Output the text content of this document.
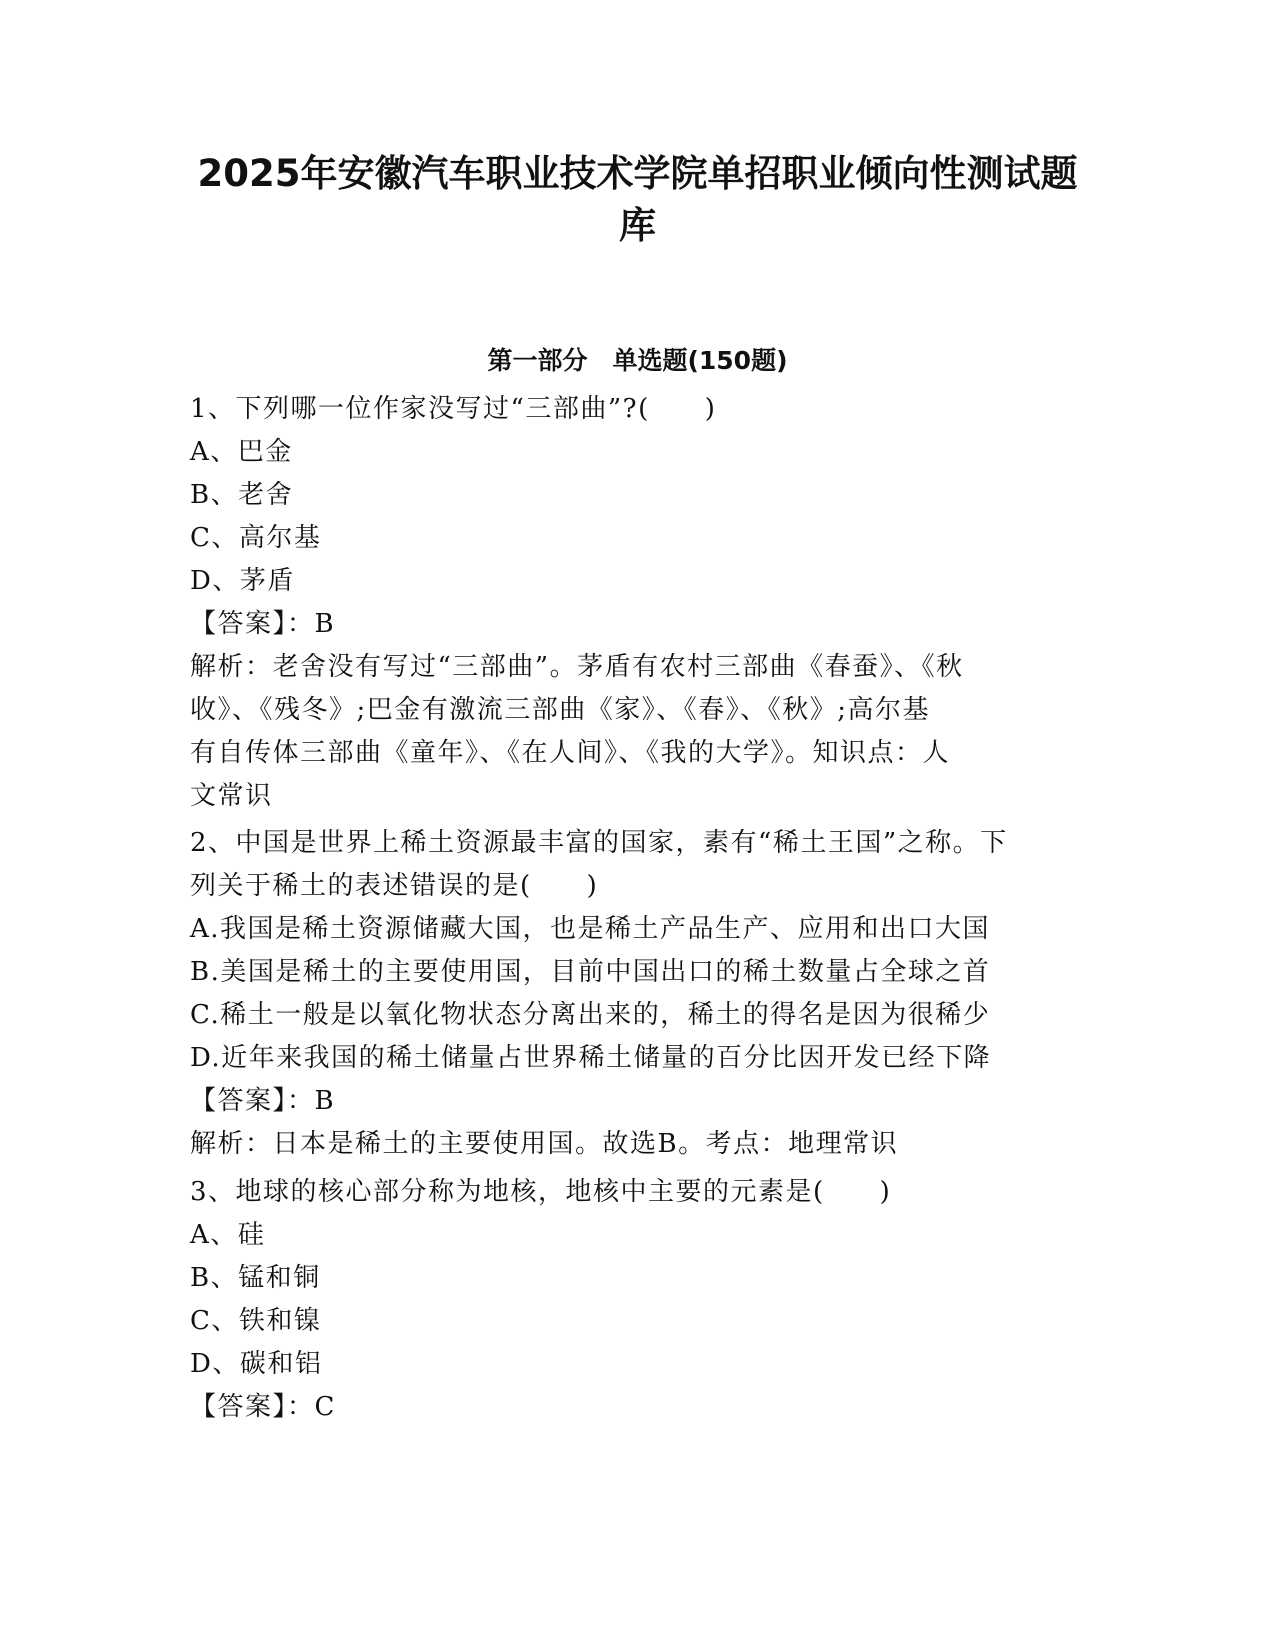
2025年安徽汽车职业技术学院单招职业倾向性测试题
库
第一部分　单选题(150题)
1、下列哪一位作家没写过“三部曲”?(　　)
A、巴金
B、老舍
C、高尔基
D、茅盾
【答案】：B
解析：老舍没有写过“三部曲”。茅盾有农村三部曲《春蚕》、《秋
收》、《残冬》;巴金有激流三部曲《家》、《春》、《秋》;高尔基
有自传体三部曲《童年》、《在人间》、《我的大学》。知识点：人
文常识
2、中国是世界上稀土资源最丰富的国家，素有“稀土王国”之称。下
列关于稀土的表述错误的是(　　)
A.我国是稀土资源储藏大国，也是稀土产品生产、应用和出口大国
B.美国是稀土的主要使用国，目前中国出口的稀土数量占全球之首
C.稀土一般是以氧化物状态分离出来的，稀土的得名是因为很稀少
D.近年来我国的稀土储量占世界稀土储量的百分比因开发已经下降
【答案】：B
解析：日本是稀土的主要使用国。故选B。考点：地理常识
3、地球的核心部分称为地核，地核中主要的元素是(　　)
A、硅
B、锰和铜
C、铁和镍
D、碳和铝
【答案】：C
